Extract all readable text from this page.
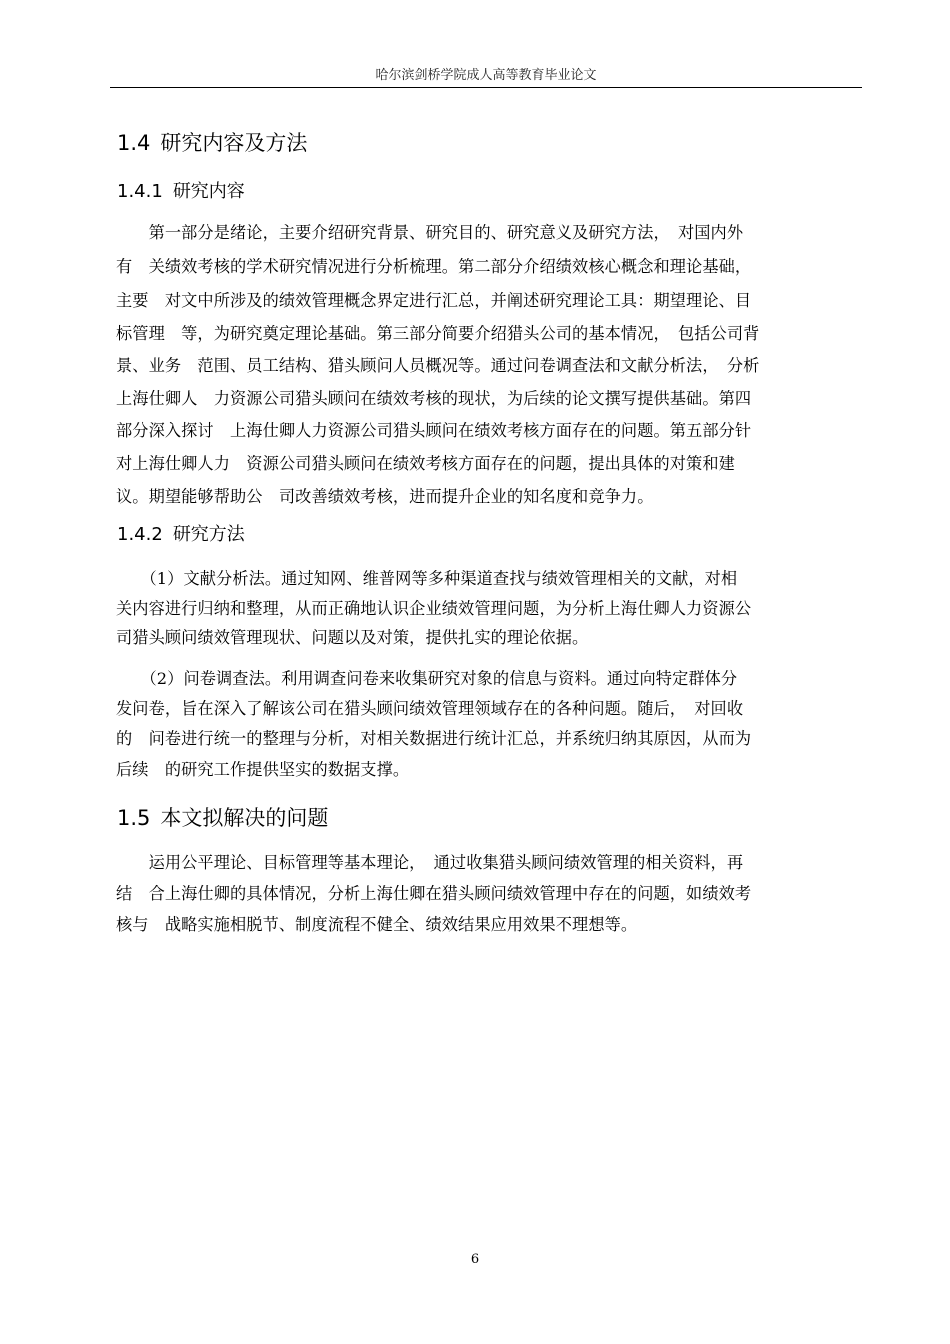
哈尔滨剑桥学院成人高等教育毕业论文
1.4 研究内容及方法
1.4.1 研究内容
　　第一部分是绪论，主要介绍研究背景、研究目的、研究意义及研究方法，　对国内外
有　关绩效考核的学术研究情况进行分析梳理。第二部分介绍绩效核心概念和理论基础，
主要　对文中所涉及的绩效管理概念界定进行汇总，并阐述研究理论工具：期望理论、目
标管理　等，为研究奠定理论基础。第三部分简要介绍猎头公司的基本情况，　包括公司背
景、业务　范围、员工结构、猎头顾问人员概况等。通过问卷调查法和文献分析法，　分析
上海仕卿人　力资源公司猎头顾问在绩效考核的现状，为后续的论文撰写提供基础。第四
部分深入探讨　上海仕卿人力资源公司猎头顾问在绩效考核方面存在的问题。第五部分针
对上海仕卿人力　资源公司猎头顾问在绩效考核方面存在的问题，提出具体的对策和建
议。期望能够帮助公　司改善绩效考核，进而提升企业的知名度和竞争力。
1.4.2 研究方法
　　（1）文献分析法。通过知网、维普网等多种渠道查找与绩效管理相关的文献，对相
关内容进行归纳和整理，从而正确地认识企业绩效管理问题，为分析上海仕卿人力资源公
司猎头顾问绩效管理现状、问题以及对策，提供扎实的理论依据。
　　（2）问卷调查法。利用调查问卷来收集研究对象的信息与资料。通过向特定群体分
发问卷，旨在深入了解该公司在猎头顾问绩效管理领域存在的各种问题。随后，　对回收
的　问卷进行统一的整理与分析，对相关数据进行统计汇总，并系统归纳其原因，从而为
后续　的研究工作提供坚实的数据支撑。
1.5 本文拟解决的问题
　　运用公平理论、目标管理等基本理论，　通过收集猎头顾问绩效管理的相关资料，再
结　合上海仕卿的具体情况，分析上海仕卿在猎头顾问绩效管理中存在的问题，如绩效考
核与　战略实施相脱节、制度流程不健全、绩效结果应用效果不理想等。
6
